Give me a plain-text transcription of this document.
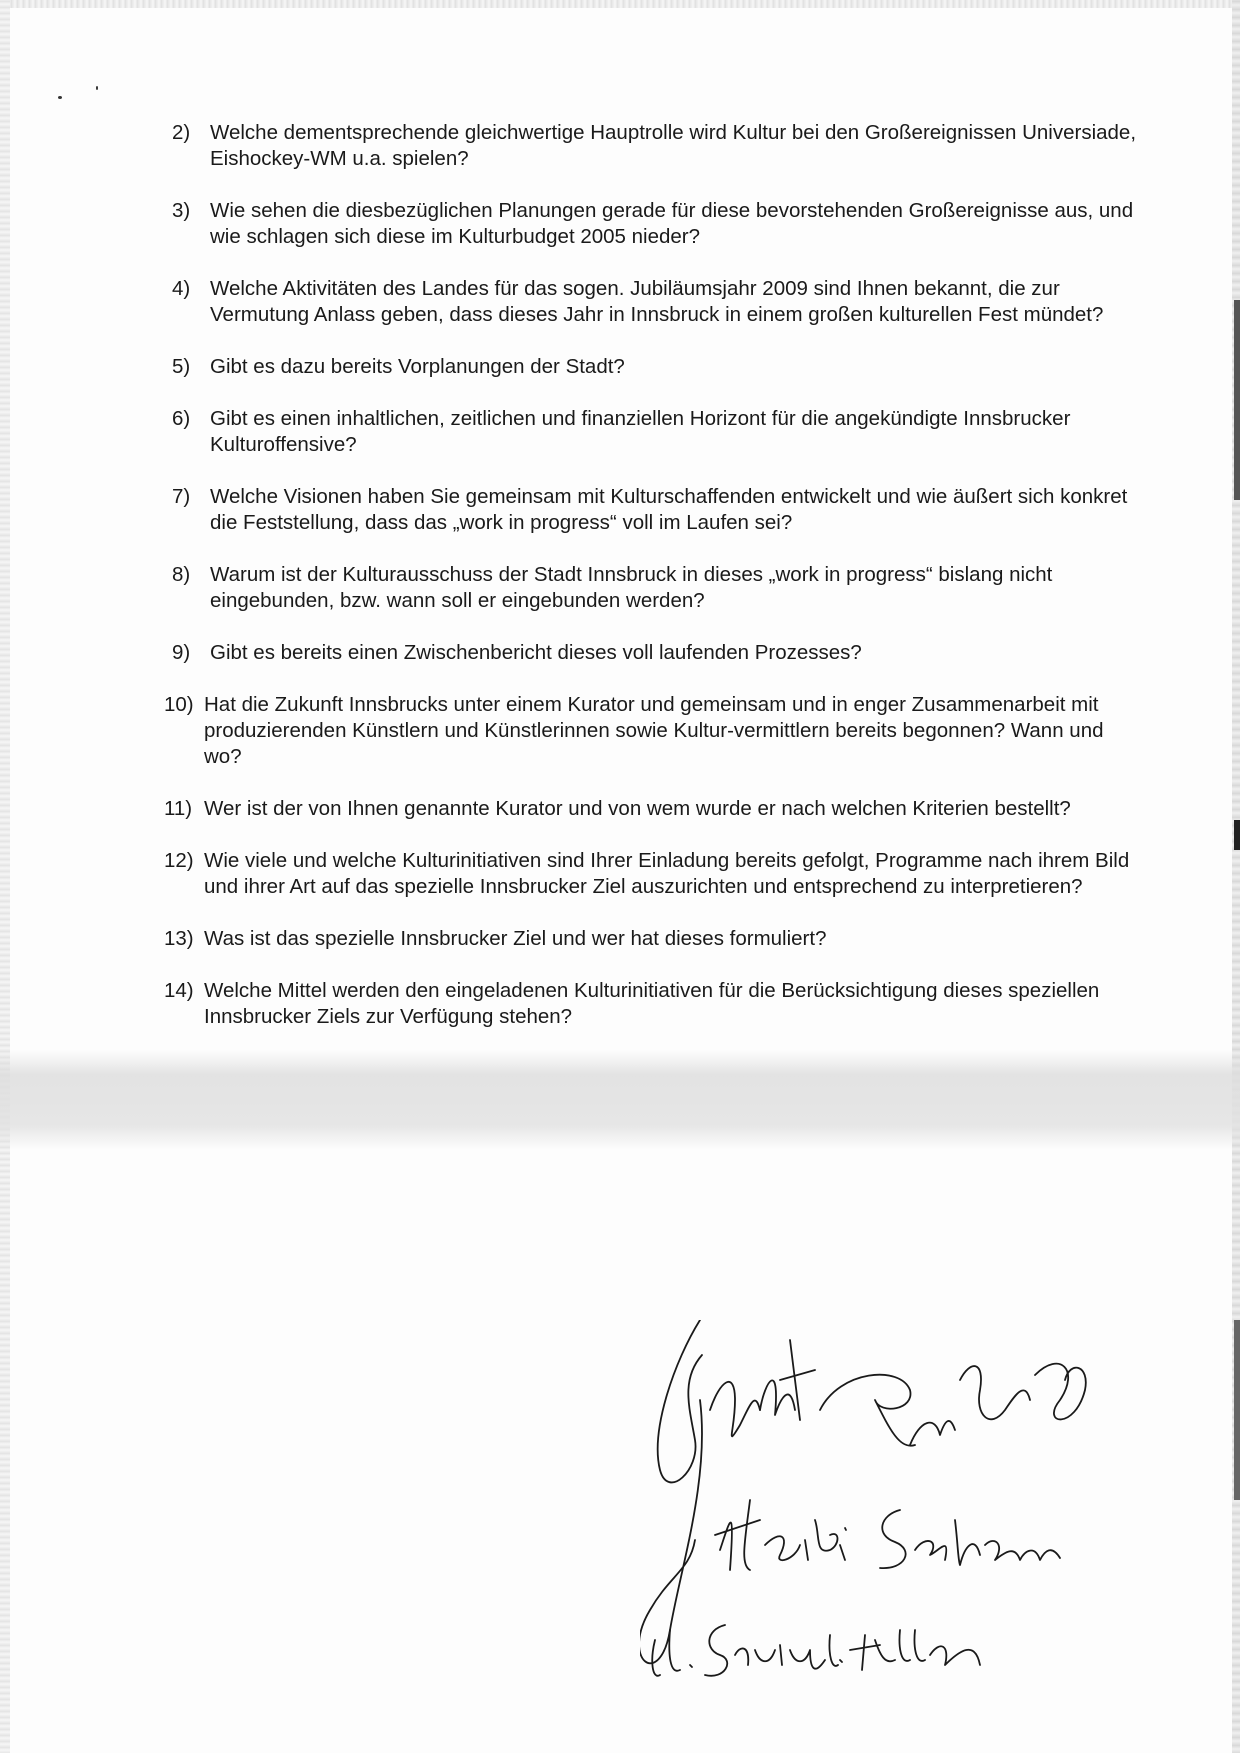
2) Welche dementsprechende gleichwertige Hauptrolle wird Kultur bei den Großereignissen Universiade, Eishockey-WM u.a. spielen?
3) Wie sehen die diesbezüglichen Planungen gerade für diese bevorstehenden Großereignisse aus, und wie schlagen sich diese im Kulturbudget 2005 nieder?
4) Welche Aktivitäten des Landes für das sogen. Jubiläumsjahr 2009 sind Ihnen bekannt, die zur Vermutung Anlass geben, dass dieses Jahr in Innsbruck in einem großen kulturellen Fest mündet?
5) Gibt es dazu bereits Vorplanungen der Stadt?
6) Gibt es einen inhaltlichen, zeitlichen und finanziellen Horizont für die angekündigte Innsbrucker Kulturoffensive?
7) Welche Visionen haben Sie gemeinsam mit Kulturschaffenden entwickelt und wie äußert sich konkret die Feststellung, dass das „work in progress“ voll im Laufen sei?
8) Warum ist der Kulturausschuss der Stadt Innsbruck in dieses „work in progress“ bislang nicht eingebunden, bzw. wann soll er eingebunden werden?
9) Gibt es bereits einen Zwischenbericht dieses voll laufenden Prozesses?
10) Hat die Zukunft Innsbrucks unter einem Kurator und gemeinsam und in enger Zusammenarbeit mit produzierenden Künstlern und Künstlerinnen sowie Kultur-vermittlern bereits begonnen? Wann und wo?
11) Wer ist der von Ihnen genannte Kurator und von wem wurde er nach welchen Kriterien bestellt?
12) Wie viele und welche Kulturinitiativen sind Ihrer Einladung bereits gefolgt, Programme nach ihrem Bild und ihrer Art auf das spezielle Innsbrucker Ziel auszurichten und entsprechend zu interpretieren?
13) Was ist das spezielle Innsbrucker Ziel und wer hat dieses formuliert?
14) Welche Mittel werden den eingeladenen Kulturinitiativen für die Berücksichtigung dieses speziellen Innsbrucker Ziels zur Verfügung stehen?
